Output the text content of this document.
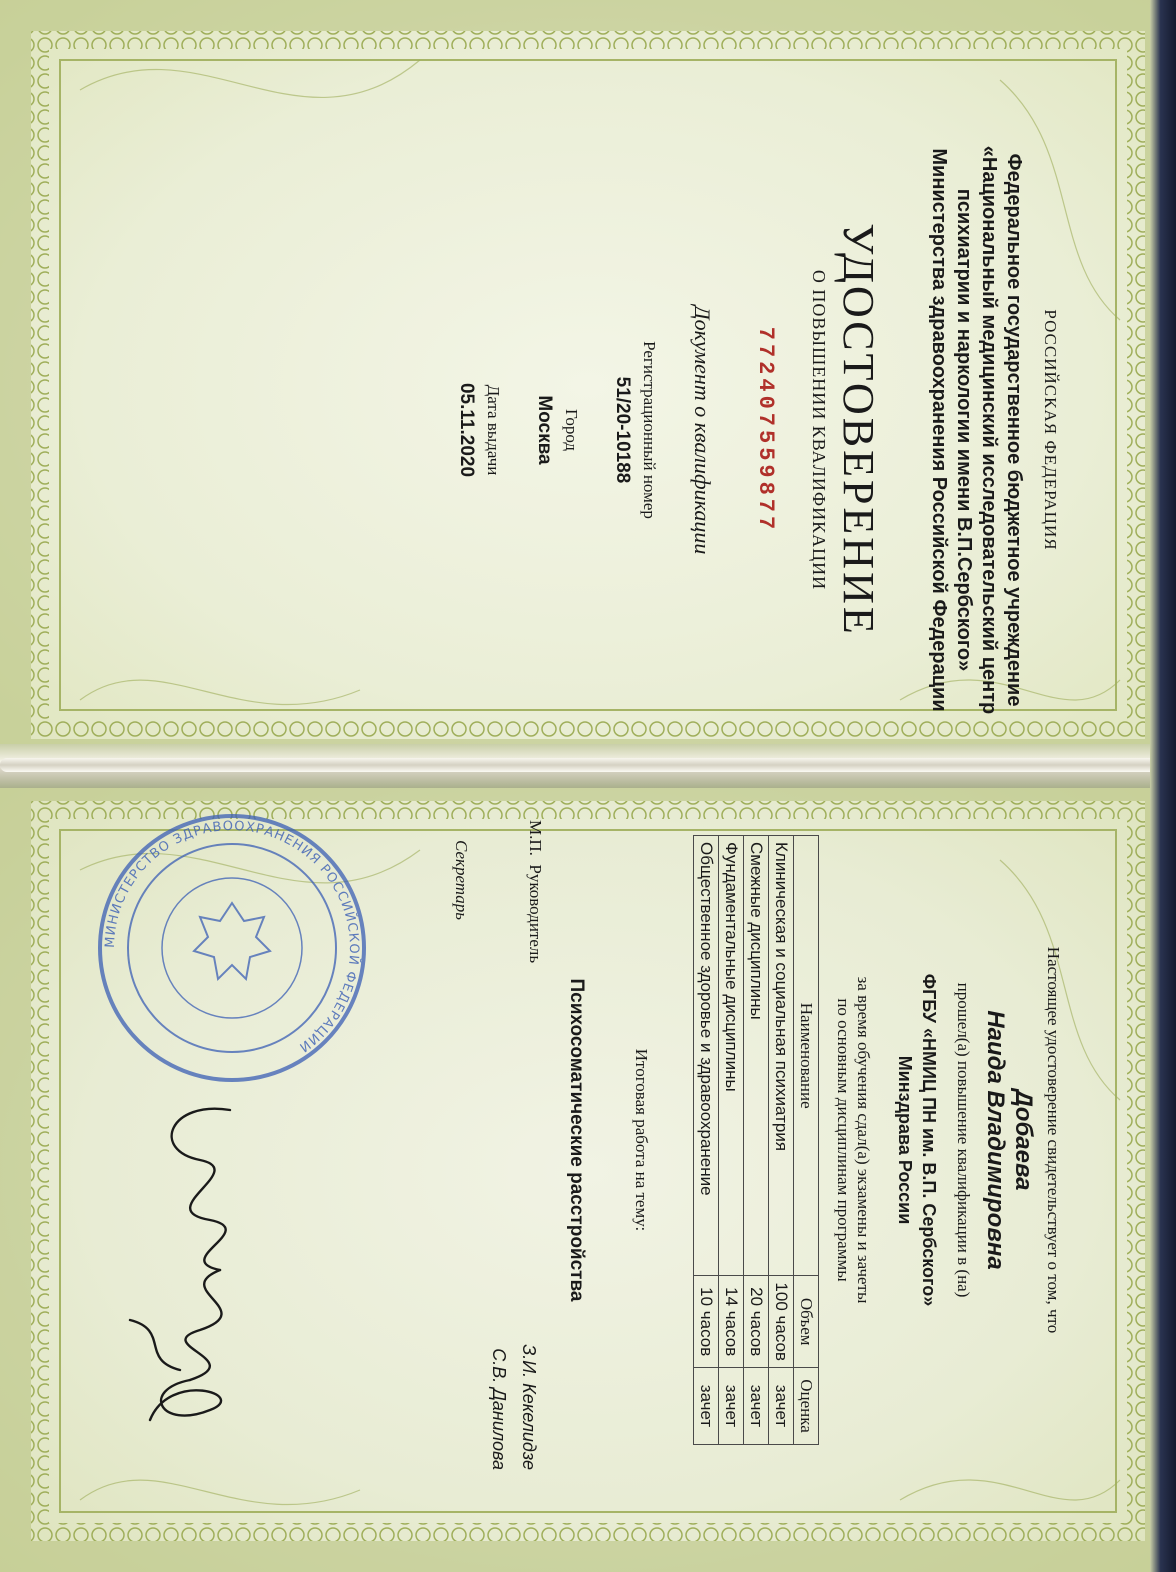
РОССИЙСКАЯ ФЕДЕРАЦИЯ
Федеральное государственное бюджетное учреждение
«Национальный медицинский исследовательский центр
психиатрии и наркологии имени В.П.Сербского»
Министерства здравоохранения Российской Федерации
УДОСТОВЕРЕНИЕ
О ПОВЫШЕНИИ КВАЛИФИКАЦИИ
772407559877
Документ о квалификации
Регистрационный номер
51/20-10188
Город
Москва
Дата выдачи
05.11.2020
Настоящее удостоверение свидетельствует о том, что
Добаева
Наида Владимировна
прошел(а) повышение квалификации в (на)
ФГБУ «НМИЦ ПН им. В.П. Сербского»
Минздрава России
за время обучения сдал(а) экзамены и зачеты
по основным дисциплинам программы
Наименование	Объем	Оценка
Клиническая и социальная психиатрия	100 часов	зачет
Смежные дисциплины	20 часов	зачет
Фундаментальные дисциплины	14 часов	зачет
Общественное здоровье и здравоохранение	10 часов	зачет
Итоговая работа на тему:
Психосоматические расстройства
М.П.  Руководитель
Секретарь
З.И. Кекелидзе
С.В. Данилова
МИНИСТЕРСТВО ЗДРАВООХРАНЕНИЯ РОССИЙСКОЙ ФЕДЕРАЦИИ
